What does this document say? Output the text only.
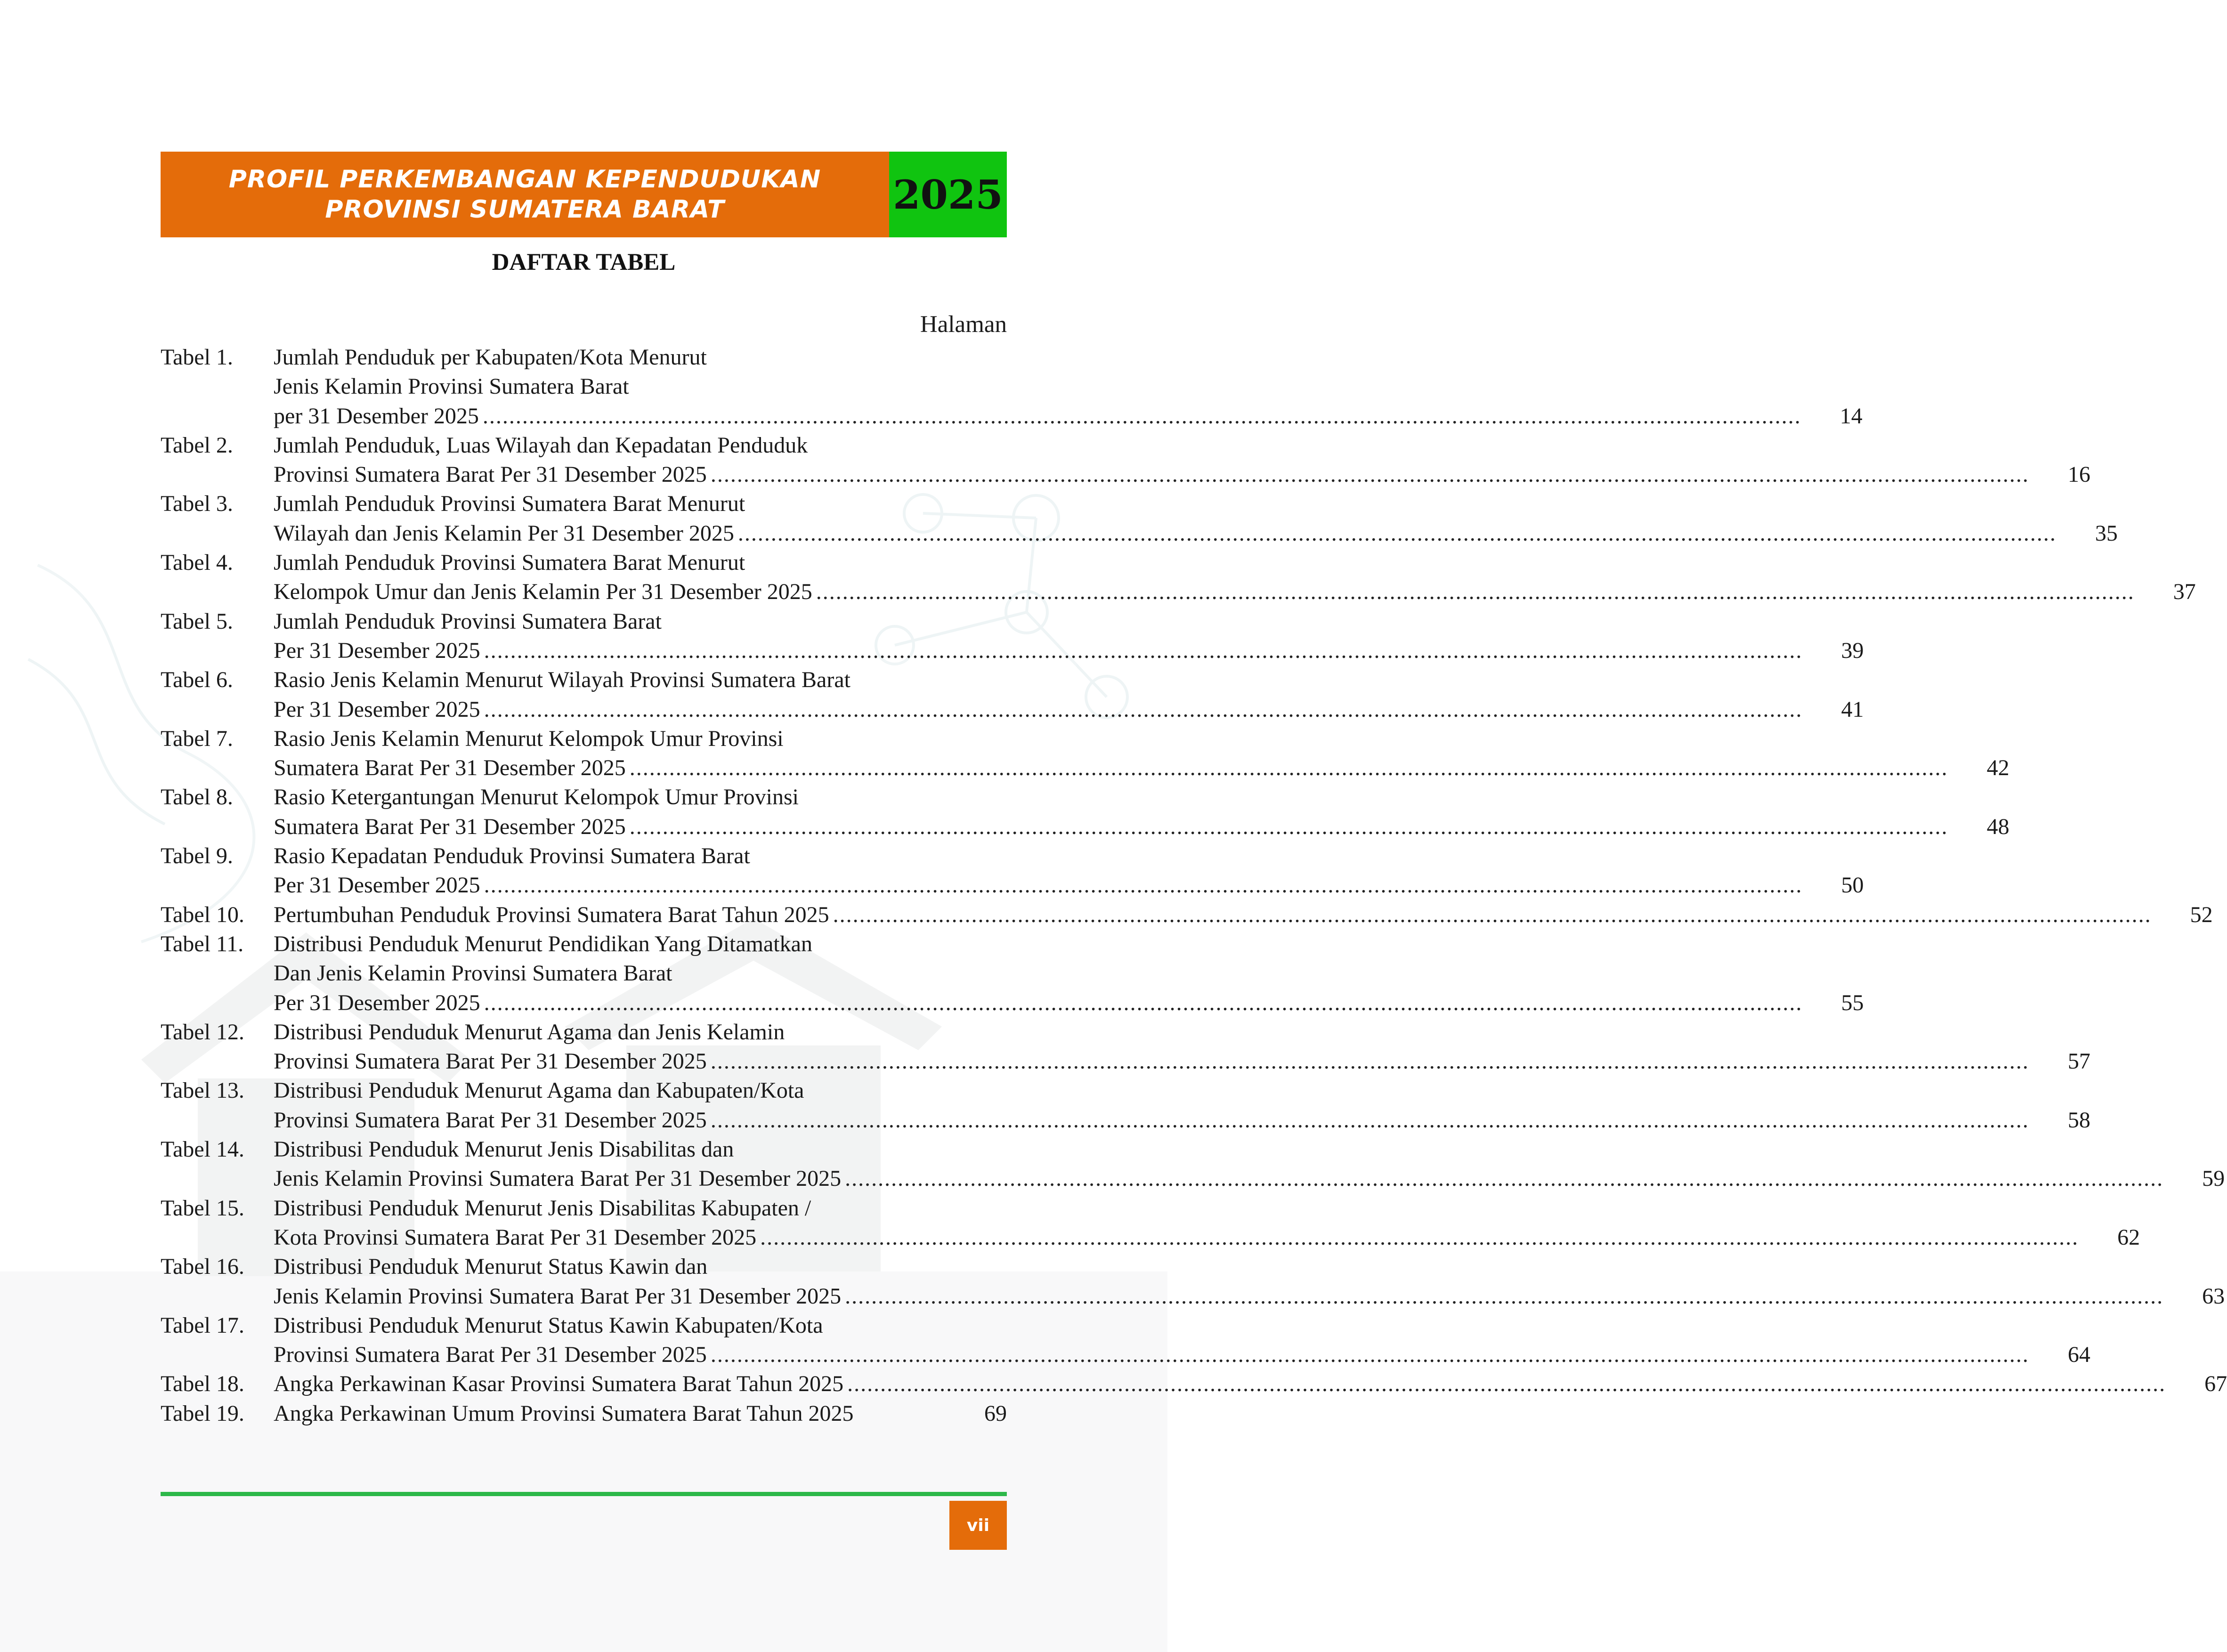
PROFIL PERKEMBANGAN KEPENDUDUKAN
PROVINSI SUMATERA BARAT	2025
DAFTAR TABEL
Halaman
Tabel 1.	Jumlah Penduduk per Kabupaten/Kota Menurut
Jenis Kelamin Provinsi Sumatera Barat
per 31 Desember 2025 ........................................................................................................................................................................................................	14
Tabel 2.	Jumlah Penduduk, Luas Wilayah dan Kepadatan Penduduk
Provinsi Sumatera Barat Per 31 Desember 2025 ........................................................................................................................................................................................................	16
Tabel 3.	Jumlah Penduduk Provinsi Sumatera Barat Menurut
Wilayah dan Jenis Kelamin Per 31 Desember 2025 ........................................................................................................................................................................................................	35
Tabel 4.	Jumlah Penduduk Provinsi Sumatera Barat Menurut
Kelompok Umur dan Jenis Kelamin Per 31 Desember 2025 ........................................................................................................................................................................................................	37
Tabel 5.	Jumlah Penduduk Provinsi Sumatera Barat
Per 31 Desember 2025 ........................................................................................................................................................................................................	39
Tabel 6.	Rasio Jenis Kelamin Menurut Wilayah Provinsi Sumatera Barat
Per 31 Desember 2025 ........................................................................................................................................................................................................	41
Tabel 7.	Rasio Jenis Kelamin Menurut Kelompok Umur Provinsi
Sumatera Barat Per 31 Desember 2025 ........................................................................................................................................................................................................	42
Tabel 8.	Rasio Ketergantungan Menurut Kelompok Umur Provinsi
Sumatera Barat Per 31 Desember 2025 ........................................................................................................................................................................................................	48
Tabel 9.	Rasio Kepadatan Penduduk Provinsi Sumatera Barat
Per 31 Desember 2025 ........................................................................................................................................................................................................	50
Tabel 10.	Pertumbuhan Penduduk Provinsi Sumatera Barat Tahun 2025 ........................................................................................................................................................................................................	52
Tabel 11.	Distribusi Penduduk Menurut Pendidikan Yang Ditamatkan
Dan Jenis Kelamin Provinsi Sumatera Barat
Per 31 Desember 2025 ........................................................................................................................................................................................................	55
Tabel 12.	Distribusi Penduduk Menurut Agama dan Jenis Kelamin
Provinsi Sumatera Barat Per 31 Desember 2025 ........................................................................................................................................................................................................	57
Tabel 13.	Distribusi Penduduk Menurut Agama dan Kabupaten/Kota
Provinsi Sumatera Barat Per 31 Desember 2025 ........................................................................................................................................................................................................	58
Tabel 14.	Distribusi Penduduk Menurut Jenis Disabilitas dan
Jenis Kelamin Provinsi Sumatera Barat Per 31 Desember 2025 ........................................................................................................................................................................................................	59
Tabel 15.	Distribusi Penduduk Menurut Jenis Disabilitas Kabupaten /
Kota Provinsi Sumatera Barat Per 31 Desember 2025 ........................................................................................................................................................................................................	62
Tabel 16.	Distribusi Penduduk Menurut Status Kawin dan
Jenis Kelamin Provinsi Sumatera Barat Per 31 Desember 2025 ........................................................................................................................................................................................................	63
Tabel 17.	Distribusi Penduduk Menurut Status Kawin Kabupaten/Kota
Provinsi Sumatera Barat Per 31 Desember 2025 ........................................................................................................................................................................................................	64
Tabel 18.	Angka Perkawinan Kasar Provinsi Sumatera Barat Tahun 2025 ........................................................................................................................................................................................................	67
Tabel 19.	Angka Perkawinan Umum Provinsi Sumatera Barat Tahun 2025	69
vii
